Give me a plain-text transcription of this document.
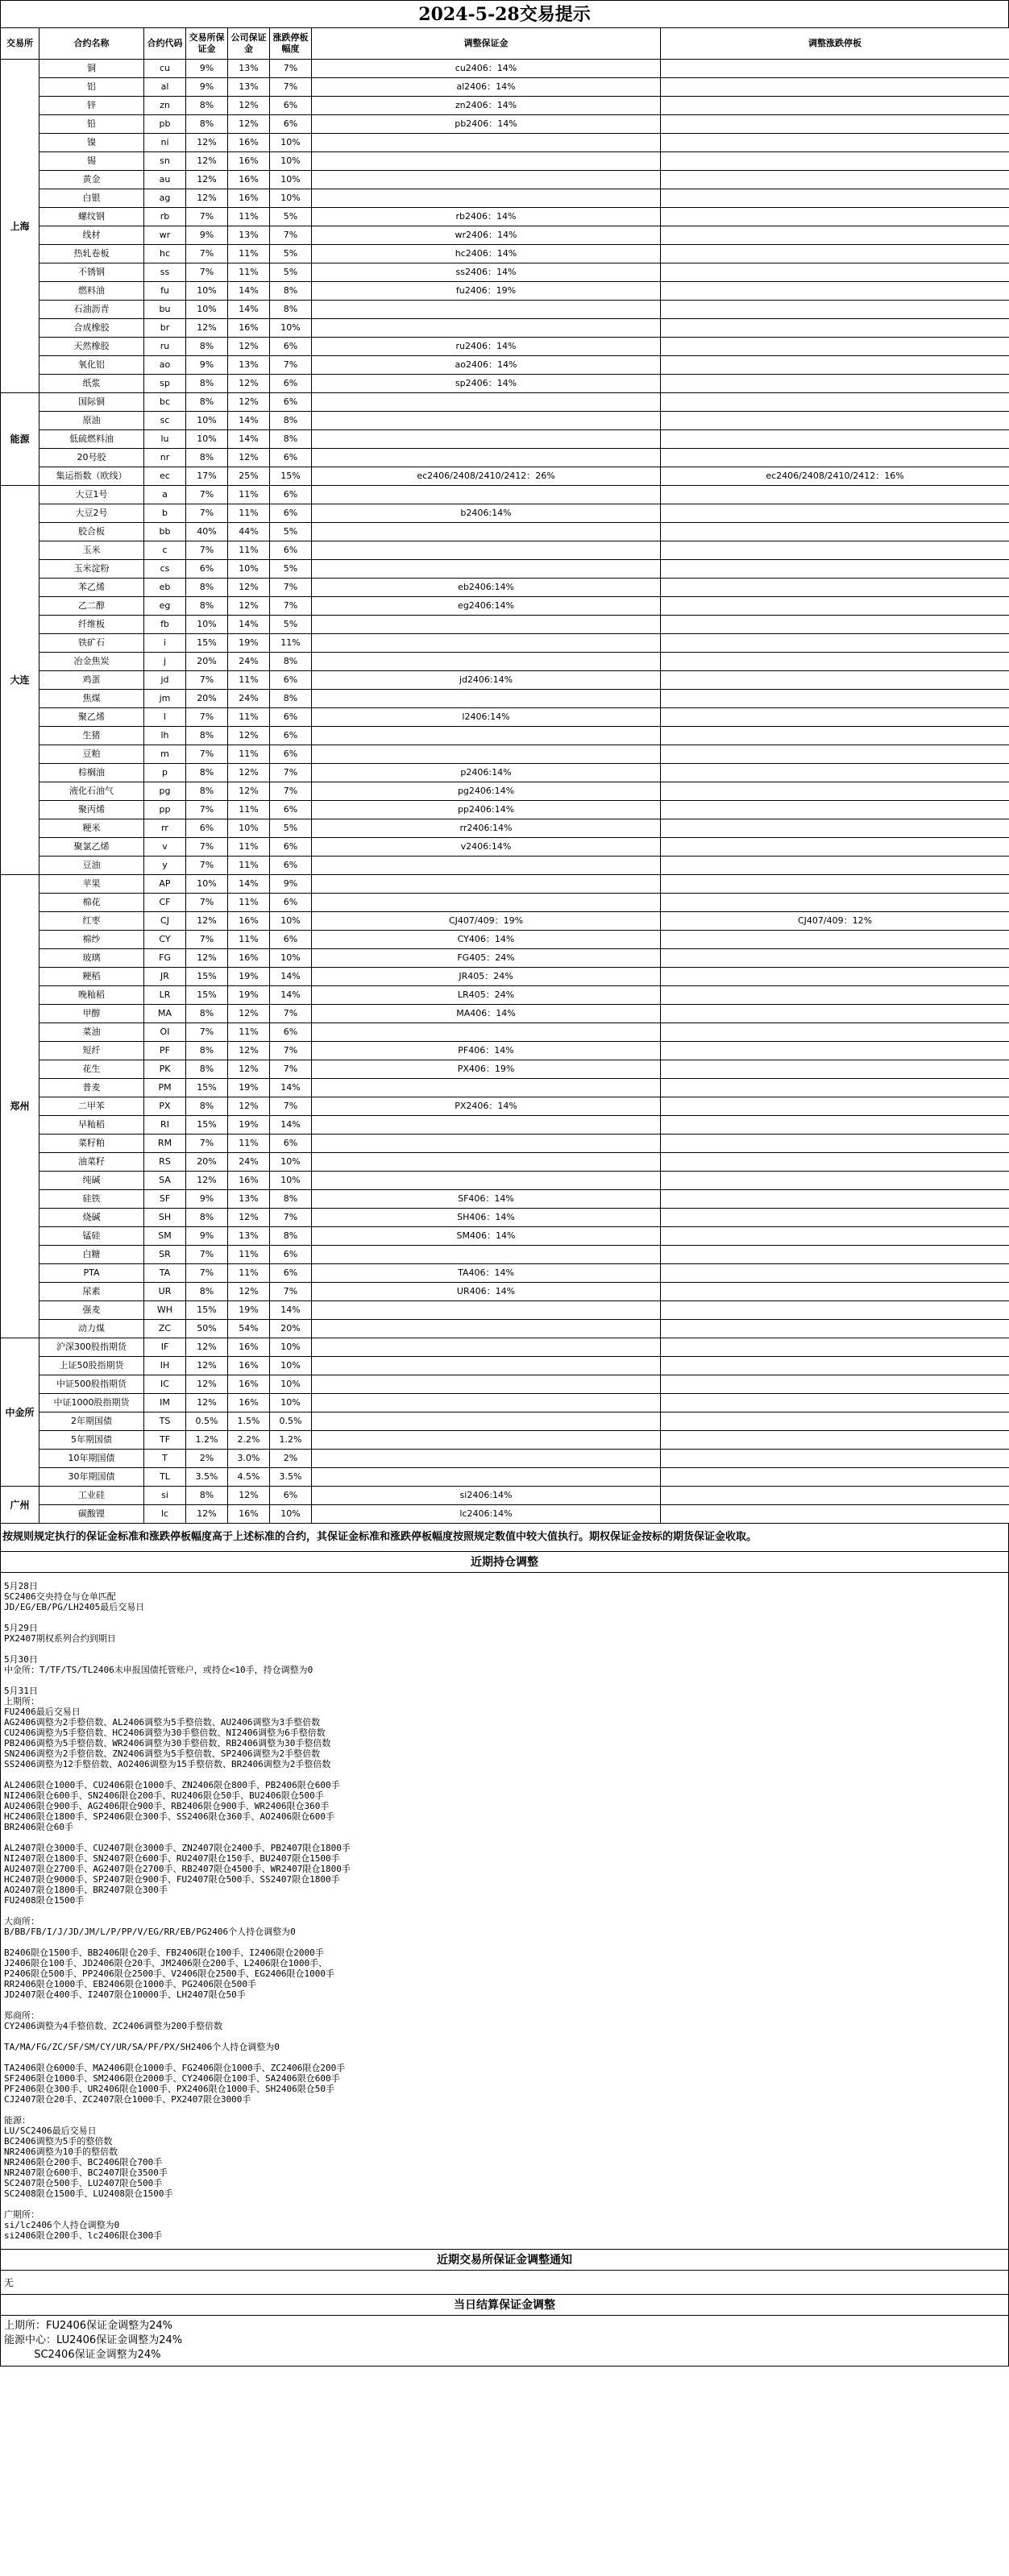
2024-5-28交易提示
交易所	合约名称	合约代码	交易所保证金	公司保证金	涨跌停板幅度	调整保证金	调整涨跌停板
上海	铜	cu	9%	13%	7%	cu2406：14%	
	铝	al	9%	13%	7%	al2406：14%	
	锌	zn	8%	12%	6%	zn2406：14%	
	铅	pb	8%	12%	6%	pb2406：14%	
	镍	ni	12%	16%	10%		
	锡	sn	12%	16%	10%		
	黄金	au	12%	16%	10%		
	白银	ag	12%	16%	10%		
	螺纹钢	rb	7%	11%	5%	rb2406：14%	
	线材	wr	9%	13%	7%	wr2406：14%	
	热轧卷板	hc	7%	11%	5%	hc2406：14%	
	不锈钢	ss	7%	11%	5%	ss2406：14%	
	燃料油	fu	10%	14%	8%	fu2406：19%	
	石油沥青	bu	10%	14%	8%		
	合成橡胶	br	12%	16%	10%		
	天然橡胶	ru	8%	12%	6%	ru2406：14%	
	氧化铝	ao	9%	13%	7%	ao2406：14%	
	纸浆	sp	8%	12%	6%	sp2406：14%	
能源	国际铜	bc	8%	12%	6%		
	原油	sc	10%	14%	8%		
	低硫燃料油	lu	10%	14%	8%		
	20号胶	nr	8%	12%	6%		
	集运指数（欧线）	ec	17%	25%	15%	ec2406/2408/2410/2412：26%	ec2406/2408/2410/2412：16%
大连	大豆1号	a	7%	11%	6%		
	大豆2号	b	7%	11%	6%	b2406:14%	
	胶合板	bb	40%	44%	5%		
	玉米	c	7%	11%	6%		
	玉米淀粉	cs	6%	10%	5%		
	苯乙烯	eb	8%	12%	7%	eb2406:14%	
	乙二醇	eg	8%	12%	7%	eg2406:14%	
	纤维板	fb	10%	14%	5%		
	铁矿石	i	15%	19%	11%		
	冶金焦炭	j	20%	24%	8%		
	鸡蛋	jd	7%	11%	6%	jd2406:14%	
	焦煤	jm	20%	24%	8%		
	聚乙烯	l	7%	11%	6%	l2406:14%	
	生猪	lh	8%	12%	6%		
	豆粕	m	7%	11%	6%		
	棕榈油	p	8%	12%	7%	p2406:14%	
	液化石油气	pg	8%	12%	7%	pg2406:14%	
	聚丙烯	pp	7%	11%	6%	pp2406:14%	
	粳米	rr	6%	10%	5%	rr2406:14%	
	聚氯乙烯	v	7%	11%	6%	v2406:14%	
	豆油	y	7%	11%	6%		
郑州	苹果	AP	10%	14%	9%		
	棉花	CF	7%	11%	6%		
	红枣	CJ	12%	16%	10%	CJ407/409：19%	CJ407/409：12%
	棉纱	CY	7%	11%	6%	CY406：14%	
	玻璃	FG	12%	16%	10%	FG405：24%	
	粳稻	JR	15%	19%	14%	JR405：24%	
	晚籼稻	LR	15%	19%	14%	LR405：24%	
	甲醇	MA	8%	12%	7%	MA406：14%	
	菜油	OI	7%	11%	6%		
	短纤	PF	8%	12%	7%	PF406：14%	
	花生	PK	8%	12%	7%	PX406：19%	
	普麦	PM	15%	19%	14%		
	二甲苯	PX	8%	12%	7%	PX2406：14%	
	早籼稻	RI	15%	19%	14%		
	菜籽粕	RM	7%	11%	6%		
	油菜籽	RS	20%	24%	10%		
	纯碱	SA	12%	16%	10%		
	硅铁	SF	9%	13%	8%	SF406：14%	
	烧碱	SH	8%	12%	7%	SH406：14%	
	锰硅	SM	9%	13%	8%	SM406：14%	
	白糖	SR	7%	11%	6%		
	PTA	TA	7%	11%	6%	TA406：14%	
	尿素	UR	8%	12%	7%	UR406：14%	
	强麦	WH	15%	19%	14%		
	动力煤	ZC	50%	54%	20%		
中金所	沪深300股指期货	IF	12%	16%	10%		
	上证50股指期货	IH	12%	16%	10%		
	中证500股指期货	IC	12%	16%	10%		
	中证1000股指期货	IM	12%	16%	10%		
	2年期国债	TS	0.5%	1.5%	0.5%		
	5年期国债	TF	1.2%	2.2%	1.2%		
	10年期国债	T	2%	3.0%	2%		
	30年期国债	TL	3.5%	4.5%	3.5%		
广州	工业硅	si	8%	12%	6%	si2406:14%	
	碳酸锂	lc	12%	16%	10%	lc2406:14%	
按规则规定执行的保证金标准和涨跌停板幅度高于上述标准的合约，其保证金标准和涨跌停板幅度按照规定数值中较大值执行。期权保证金按标的期货保证金收取。
近期持仓调整
5月28日
SC2406交央持仓与仓单匹配
JD/EG/EB/PG/LH2405最后交易日

5月29日
PX2407期权系列合约到期日

5月30日
中金所：T/TF/TS/TL2406未申报国债托管账户，或持仓<10手，持仓调整为0

5月31日
上期所：
FU2406最后交易日
AG2406调整为2手整倍数、AL2406调整为5手整倍数、AU2406调整为3手整倍数
CU2406调整为5手整倍数、HC2406调整为30手整倍数、NI2406调整为6手整倍数
PB2406调整为5手整倍数、WR2406调整为30手整倍数、RB2406调整为30手整倍数
SN2406调整为2手整倍数、ZN2406调整为5手整倍数、SP2406调整为2手整倍数
SS2406调整为12手整倍数、AO2406调整为15手整倍数、BR2406调整为2手整倍数

AL2406限仓1000手、CU2406限仓1000手、ZN2406限仓800手、PB2406限仓600手
NI2406限仓600手、SN2406限仓200手、RU2406限仓50手、BU2406限仓500手
AU2406限仓900手、AG2406限仓900手、RB2406限仓900手、WR2406限仓360手
HC2406限仓1800手、SP2406限仓300手、SS2406限仓360手、AO2406限仓600手
BR2406限仓60手

AL2407限仓3000手、CU2407限仓3000手、ZN2407限仓2400手、PB2407限仓1800手
NI2407限仓1800手、SN2407限仓600手、RU2407限仓150手、BU2407限仓1500手
AU2407限仓2700手、AG2407限仓2700手、RB2407限仓4500手、WR2407限仓1800手
HC2407限仓9000手、SP2407限仓900手、FU2407限仓500手、SS2407限仓1800手
AO2407限仓1800手、BR2407限仓300手
FU2408限仓1500手

大商所：
B/BB/FB/I/J/JD/JM/L/P/PP/V/EG/RR/EB/PG2406个人持仓调整为0

B2406限仓1500手、BB2406限仓20手、FB2406限仓100手、I2406限仓2000手
J2406限仓100手、JD2406限仓20手、JM2406限仓200手、L2406限仓1000手、
P2406限仓500手、PP2406限仓2500手、V2406限仓2500手、EG2406限仓1000手
RR2406限仓1000手、EB2406限仓1000手、PG2406限仓500手
JD2407限仓400手、I2407限仓10000手、LH2407限仓50手

郑商所：
CY2406调整为4手整倍数、ZC2406调整为200手整倍数

TA/MA/FG/ZC/SF/SM/CY/UR/SA/PF/PX/SH2406个人持仓调整为0

TA2406限仓6000手、MA2406限仓1000手、FG2406限仓1000手、ZC2406限仓200手
SF2406限仓1000手、SM2406限仓2000手、CY2406限仓100手、SA2406限仓600手
PF2406限仓300手、UR2406限仓1000手、PX2406限仓1000手、SH2406限仓50手
CJ2407限仓20手、ZC2407限仓1000手、PX2407限仓3000手

能源：
LU/SC2406最后交易日
BC2406调整为5手的整倍数
NR2406调整为10手的整倍数
NR2406限仓200手、BC2406限仓700手
NR2407限仓600手、BC2407限仓3500手
SC2407限仓500手、LU2407限仓500手
SC2408限仓1500手、LU2408限仓1500手

广期所：
si/lc2406个人持仓调整为0
si2406限仓200手、lc2406限仓300手
近期交易所保证金调整通知
无
当日结算保证金调整
上期所：FU2406保证金调整为24%
能源中心：LU2406保证金调整为24%
SC2406保证金调整为24%
